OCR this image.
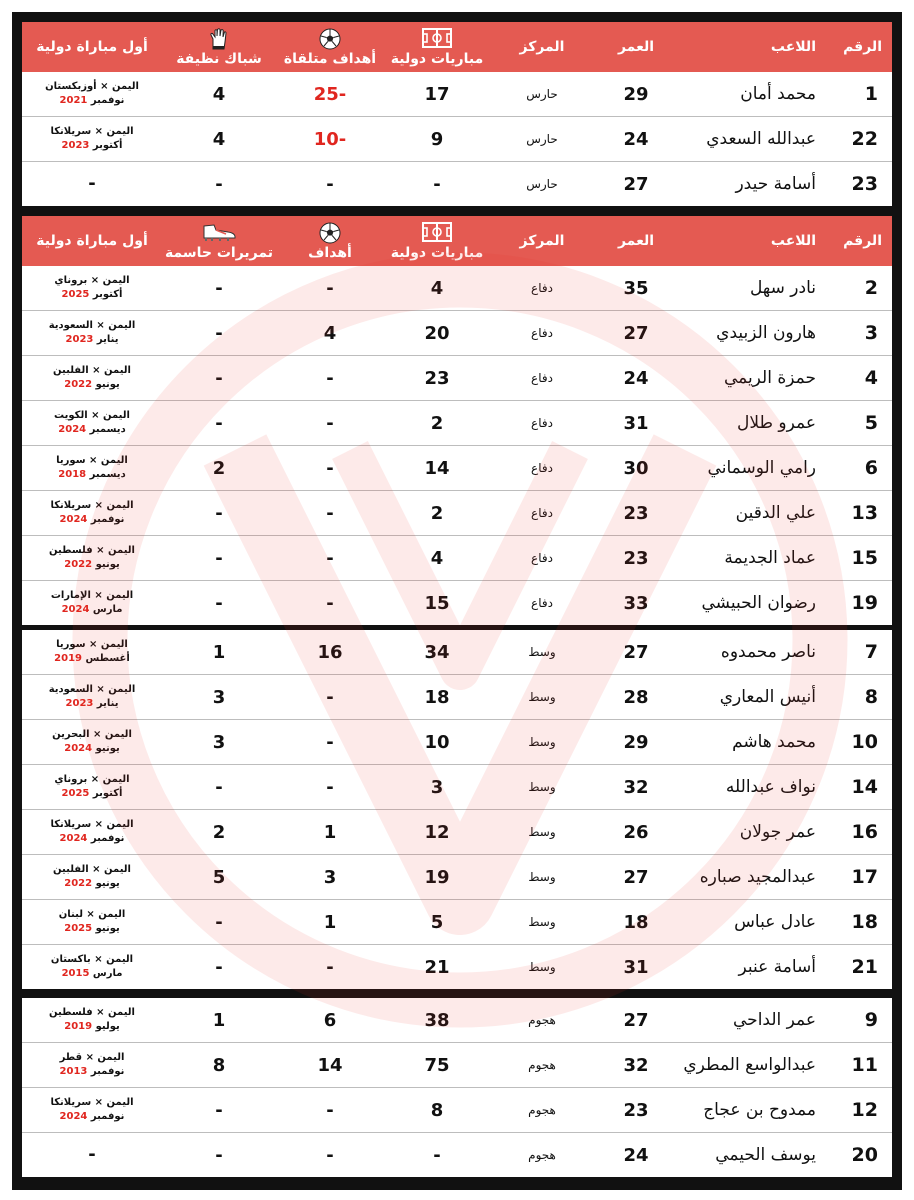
الرقم	اللاعب	العمر	المركز	مباريات دولية	أهداف متلقاة	شباك نظيفة	أول مباراة دولية
1	محمد أمان	29	حارس	17	-25	4	اليمن × أوزبكستان
نوفمبر 2021

22	عبدالله السعدي	24	حارس	9	-10	4	اليمن × سريلانكا
أكتوبر 2023

23	أسامة حيدر	27	حارس	-	-	-	-
الرقم	اللاعب	العمر	المركز	مباريات دولية	أهداف	تمريرات حاسمة	أول مباراة دولية
2	نادر سهل	35	دفاع	4	-	-	اليمن × بروناي
أكتوبر 2025

3	هارون الزبيدي	27	دفاع	20	4	-	اليمن × السعودية
يناير 2023

4	حمزة الريمي	24	دفاع	23	-	-	اليمن × الفلبين
يونيو 2022

5	عمرو طلال	31	دفاع	2	-	-	اليمن × الكويت
ديسمبر 2024

6	رامي الوسماني	30	دفاع	14	-	2	اليمن × سوريا
ديسمبر 2018

13	علي الدقين	23	دفاع	2	-	-	اليمن × سريلانكا
نوفمبر 2024

15	عماد الجديمة	23	دفاع	4	-	-	اليمن × فلسطين
يونيو 2022

19	رضوان الحبيشي	33	دفاع	15	-	-	اليمن × الإمارات
مارس 2024
7	ناصر محمدوه	27	وسط	34	16	1	اليمن × سوريا
أغسطس 2019

8	أنيس المعاري	28	وسط	18	-	3	اليمن × السعودية
يناير 2023

10	محمد هاشم	29	وسط	10	-	3	اليمن × البحرين
يونيو 2024

14	نواف عبدالله	32	وسط	3	-	-	اليمن × بروناي
أكتوبر 2025

16	عمر جولان	26	وسط	12	1	2	اليمن × سريلانكا
نوفمبر 2024

17	عبدالمجيد صباره	27	وسط	19	3	5	اليمن × الفلبين
يونيو 2022

18	عادل عباس	18	وسط	5	1	-	اليمن × لبنان
يونيو 2025

21	أسامة عنبر	31	وسط	21	-	-	اليمن × باكستان
مارس 2015
9	عمر الداحي	27	هجوم	38	6	1	اليمن × فلسطين
يوليو 2019

11	عبدالواسع المطري	32	هجوم	75	14	8	اليمن × قطر
نوفمبر 2013

12	ممدوح بن عجاج	23	هجوم	8	-	-	اليمن × سريلانكا
نوفمبر 2024

20	يوسف الحيمي	24	هجوم	-	-	-	-
